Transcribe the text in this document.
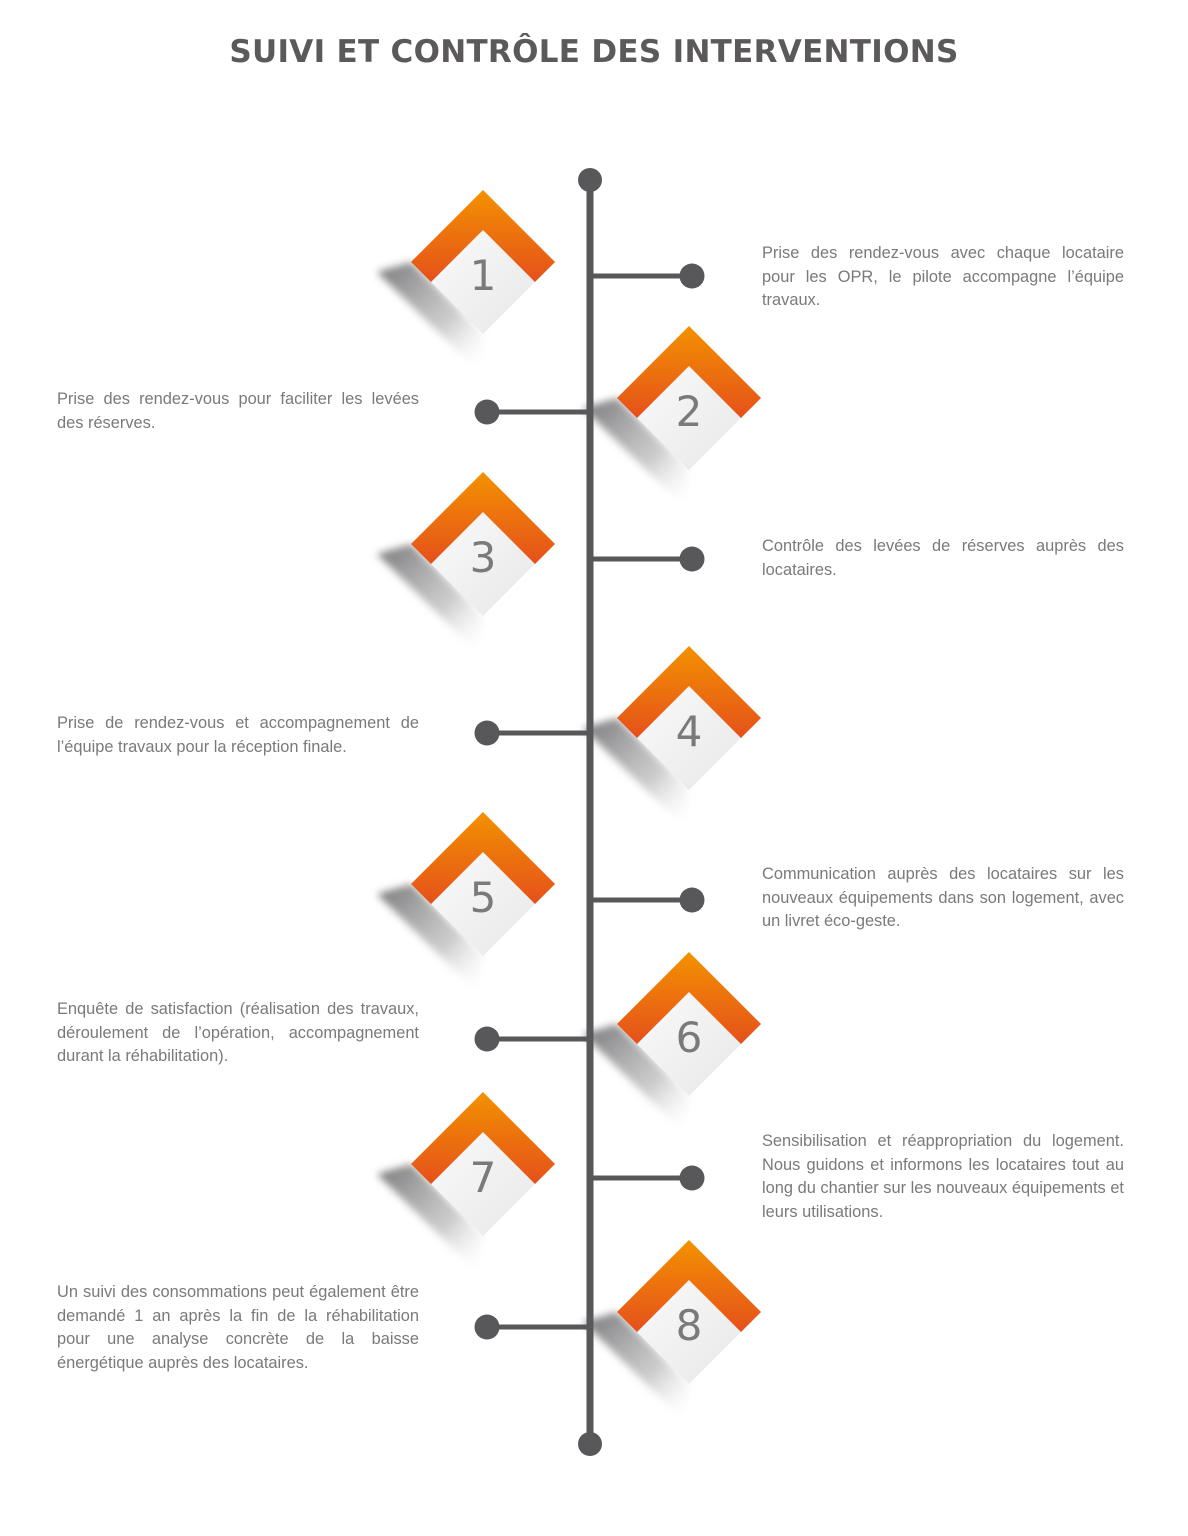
SUIVI ET CONTRÔLE DES INTERVENTIONS
1
2
3
4
5
6
7
8
Prise des rendez-vous avec chaque locataire pour les OPR, le pilote accompagne l’équipe travaux.
Prise des rendez-vous pour faciliter les levées des réserves.
Contrôle des levées de réserves auprès des locataires.
Prise de rendez-vous et accompagnement de l’équipe travaux pour la réception finale.
Communication auprès des locataires sur les nouveaux équipements dans son logement, avec un livret éco-geste.
Enquête de satisfaction (réalisation des travaux, déroulement de l’opération, accompagnement durant la réhabilitation).
Sensibilisation et réappropriation du logement. Nous guidons et informons les locataires tout au long du chantier sur les nouveaux équipements et leurs utilisations.
Un suivi des consommations peut également être demandé 1 an après la fin de la réhabilitation pour une analyse concrète de la baisse énergétique auprès des locataires.
